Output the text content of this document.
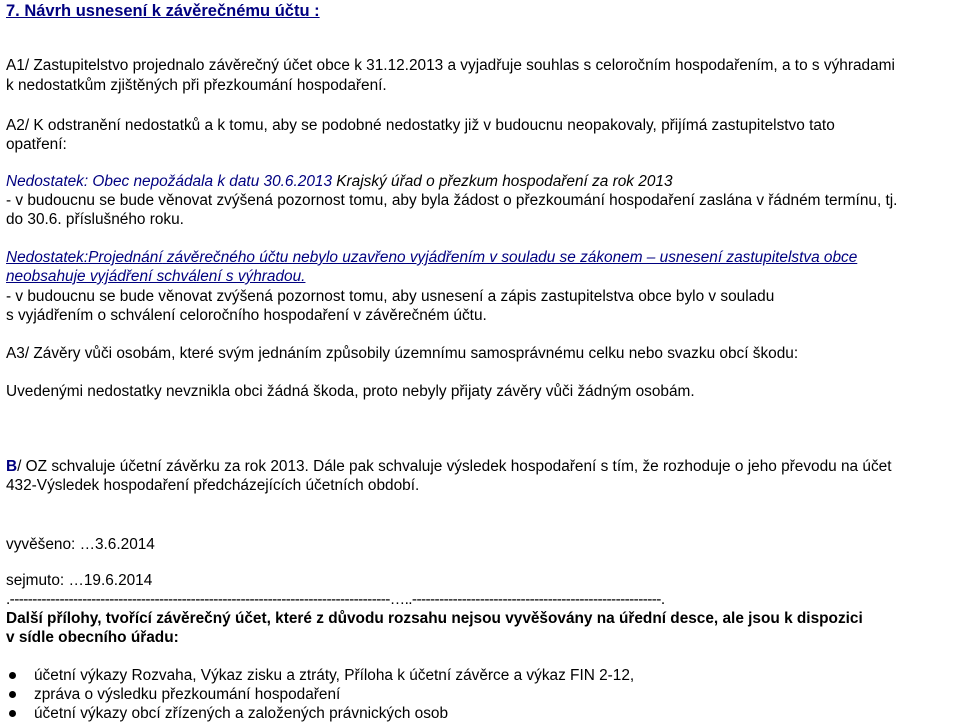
7. Návrh usnesení k závěrečnému účtu :
A1/ Zastupitelstvo projednalo závěrečný účet obce k 31.12.2013 a vyjadřuje souhlas s celoročním hospodařením, a to s výhradami
k nedostatkům zjištěných při přezkoumání hospodaření.
A2/ K odstranění nedostatků a k tomu, aby se podobné nedostatky již v budoucnu neopakovaly, přijímá zastupitelstvo tato
opatření:
Nedostatek: Obec nepožádala k datu 30.6.2013 Krajský úřad o přezkum hospodaření za rok 2013
- v budoucnu se bude věnovat zvýšená pozornost tomu, aby byla žádost o přezkoumání hospodaření zaslána v řádném termínu, tj.
do 30.6. příslušného roku.
Nedostatek:Projednání závěrečného účtu nebylo uzavřeno vyjádřením v souladu se zákonem – usnesení zastupitelstva obce
neobsahuje vyjádření schválení s výhradou.
- v budoucnu se bude věnovat zvýšená pozornost tomu, aby usnesení a zápis zastupitelstva obce bylo v souladu
s vyjádřením o schválení celoročního hospodaření v závěrečném účtu.
A3/ Závěry vůči osobám, které svým jednáním způsobily územnímu samosprávnému celku nebo svazku obcí škodu:
Uvedenými nedostatky nevznikla obci žádná škoda, proto nebyly přijaty závěry vůči žádným osobám.
B/ OZ schvaluje účetní závěrku za rok 2013. Dále pak schvaluje výsledek hospodaření s tím, že rozhoduje o jeho převodu na účet
432-Výsledek hospodaření předcházejících účetních období.
vyvěšeno: …3.6.2014
sejmuto: …19.6.2014
.------------------------------------------------------------------------------------…..-------------------------------------------------------.
Další přílohy, tvořící závěrečný účet, které z důvodu rozsahu nejsou vyvěšovány na úřední desce, ale jsou k dispozici
v sídle obecního úřadu:
účetní výkazy Rozvaha, Výkaz zisku a ztráty, Příloha k účetní závěrce a výkaz FIN 2-12,
zpráva o výsledku přezkoumání hospodaření
účetní výkazy obcí zřízených a založených právnických osob
